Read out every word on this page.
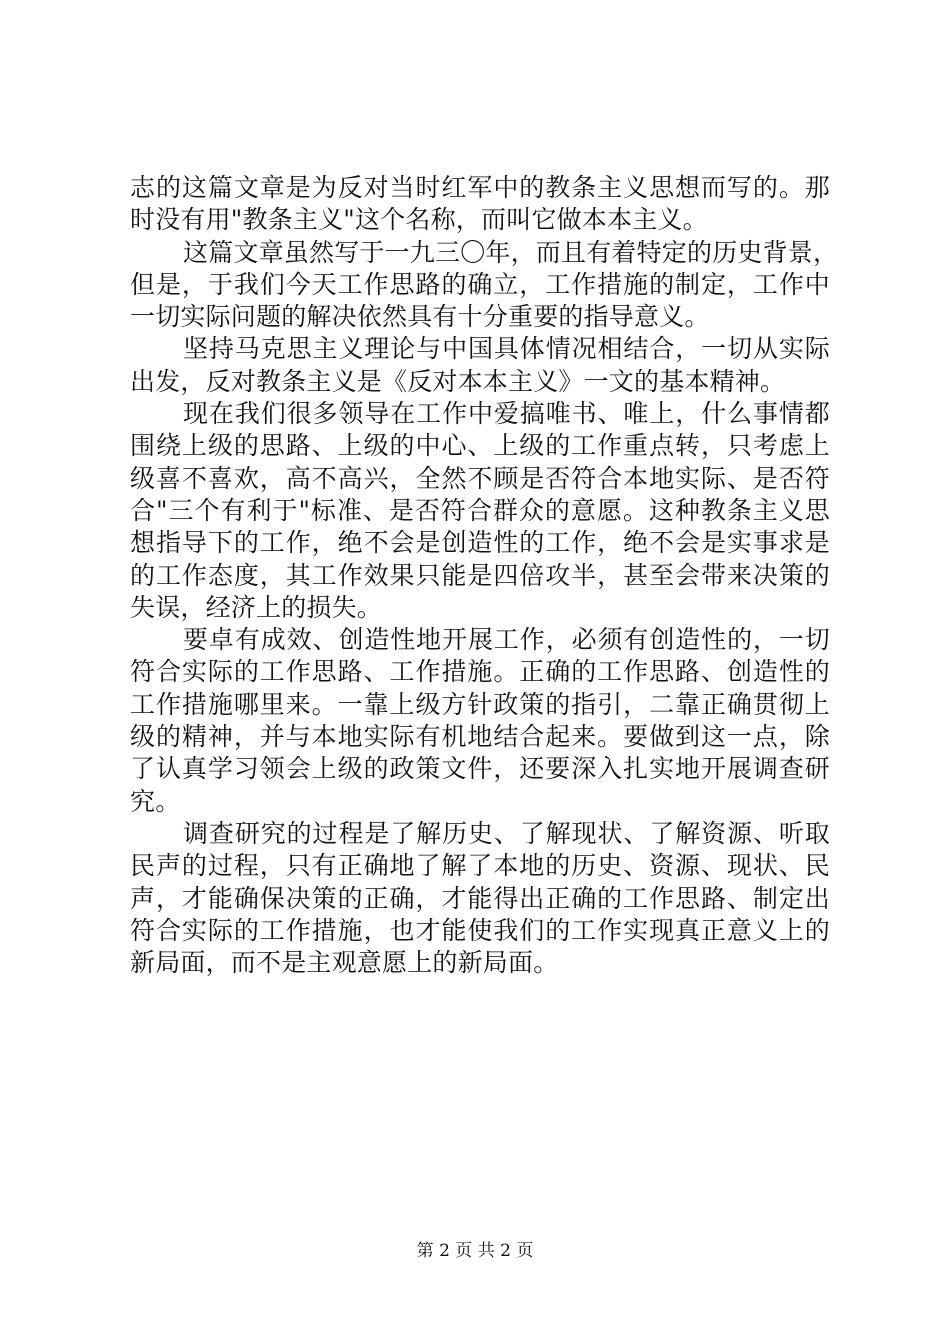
志的这篇文章是为反对当时红军中的教条主义思想而写的。那
时没有用"教条主义"这个名称，而叫它做本本主义。
这篇文章虽然写于一九三〇年，而且有着特定的历史背景，
但是，于我们今天工作思路的确立，工作措施的制定，工作中
一切实际问题的解决依然具有十分重要的指导意义。
坚持马克思主义理论与中国具体情况相结合，一切从实际
出发，反对教条主义是《反对本本主义》一文的基本精神。
现在我们很多领导在工作中爱搞唯书、唯上，什么事情都
围绕上级的思路、上级的中心、上级的工作重点转，只考虑上
级喜不喜欢，高不高兴，全然不顾是否符合本地实际、是否符
合"三个有利于"标准、是否符合群众的意愿。这种教条主义思
想指导下的工作，绝不会是创造性的工作，绝不会是实事求是
的工作态度，其工作效果只能是四倍攻半，甚至会带来决策的
失误，经济上的损失。
要卓有成效、创造性地开展工作，必须有创造性的，一切
符合实际的工作思路、工作措施。正确的工作思路、创造性的
工作措施哪里来。一靠上级方针政策的指引，二靠正确贯彻上
级的精神，并与本地实际有机地结合起来。要做到这一点，除
了认真学习领会上级的政策文件，还要深入扎实地开展调查研
究。
调查研究的过程是了解历史、了解现状、了解资源、听取
民声的过程，只有正确地了解了本地的历史、资源、现状、民
声，才能确保决策的正确，才能得出正确的工作思路、制定出
符合实际的工作措施，也才能使我们的工作实现真正意义上的
新局面，而不是主观意愿上的新局面。
第 2 页 共 2 页
